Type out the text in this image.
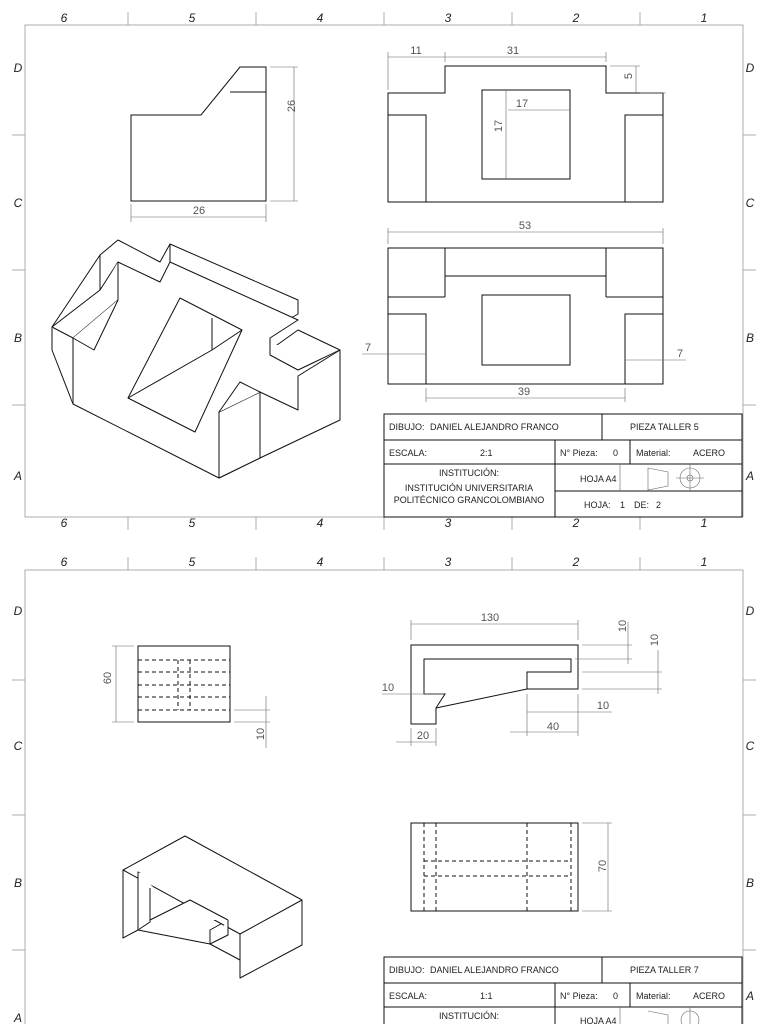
6	5	4	3	2	1
6	5	4	3	2	1
D
C
B
A
D
C
B
A
26
26
11	31
5
17
17
53
7	7
39
DIBUJO: DANIEL ALEJANDRO FRANCO	PIEZA TALLER 5
ESCALA:	2:1	N° Pieza: 0 Material: ACERO
INSTITUCIÓN:
INSTITUCIÓN UNIVERSITARIA
POLITÉCNICO GRANCOLOMBIANO
HOJA A4
HOJA: 1 DE: 2
6	5	4	3	2	1
D
C
B
A
D
C
B
A
60
10
130
10
10
10
10
40
20
70
DIBUJO: DANIEL ALEJANDRO FRANCO	PIEZA TALLER 7
ESCALA:	1:1	N° Pieza: 0 Material: ACERO
INSTITUCIÓN:	HOJA A4
